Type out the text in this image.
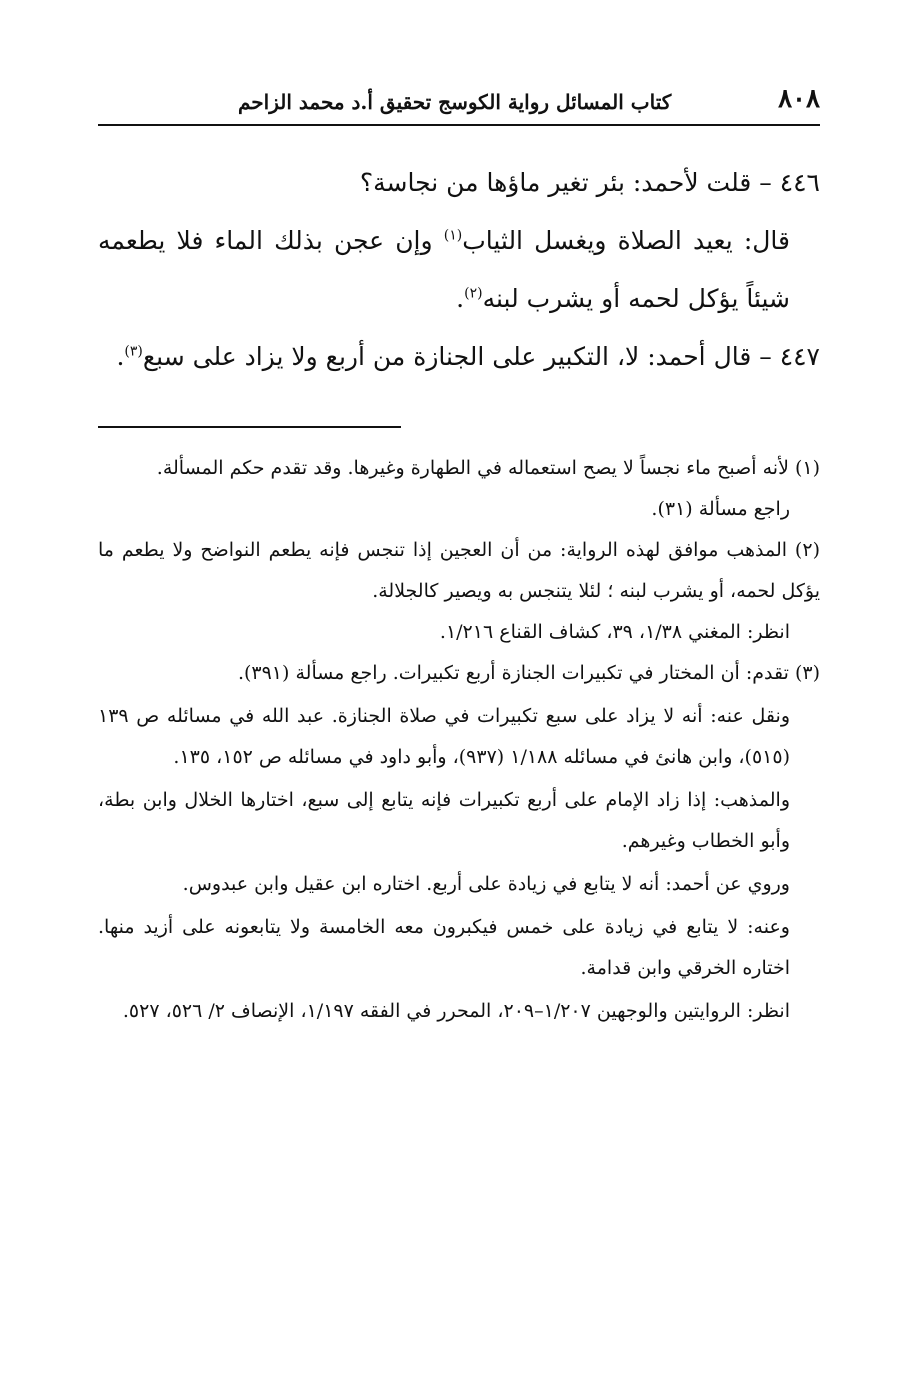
٨٠٨
كتاب المسائل رواية الكوسج تحقيق أ.د محمد الزاحم

٤٤٦ – قلت لأحمد: بئر تغير ماؤها من نجاسة؟

قال: يعيد الصلاة ويغسل الثياب$^{(١)}$ وإن عجن بذلك الماء فلا يطعمه شيئاً يؤكل لحمه أو يشرب لبنه$^{(٢)}$.

٤٤٧ – قال أحمد: لا، التكبير على الجنازة من أربع ولا يزاد على سبع$^{(٣)}$.

(١) لأنه أصبح ماء نجساً لا يصح استعماله في الطهارة وغيرها. وقد تقدم حكم المسألة.

راجع مسألة (٣١).

(٢) المذهب موافق لهذه الرواية: من أن العجين إذا تنجس فإنه يطعم النواضح ولا يطعم ما يؤكل لحمه، أو يشرب لبنه ؛ لئلا يتنجس به ويصير كالجلالة.

انظر: المغني ١/٣٨، ٣٩، كشاف القناع ١/٢١٦.

(٣) تقدم: أن المختار في تكبيرات الجنازة أربع تكبيرات. راجع مسألة (٣٩١).

ونقل عنه: أنه لا يزاد على سبع تكبيرات في صلاة الجنازة. عبد الله في مسائله ص ١٣٩ (٥١٥)، وابن هانئ في مسائله ١/١٨٨ (٩٣٧)، وأبو داود في مسائله ص ١٥٢، ١٣٥.

والمذهب: إذا زاد الإمام على أربع تكبيرات فإنه يتابع إلى سبع، اختارها الخلال وابن بطة، وأبو الخطاب وغيرهم.

وروي عن أحمد: أنه لا يتابع في زيادة على أربع. اختاره ابن عقيل وابن عبدوس.

وعنه: لا يتابع في زيادة على خمس فيكبرون معه الخامسة ولا يتابعونه على أزيد منها. اختاره الخرقي وابن قدامة.

انظر: الروايتين والوجهين ١/٢٠٧–٢٠٩، المحرر في الفقه ١/١٩٧، الإنصاف ٢/ ٥٢٦، ٥٢٧.
